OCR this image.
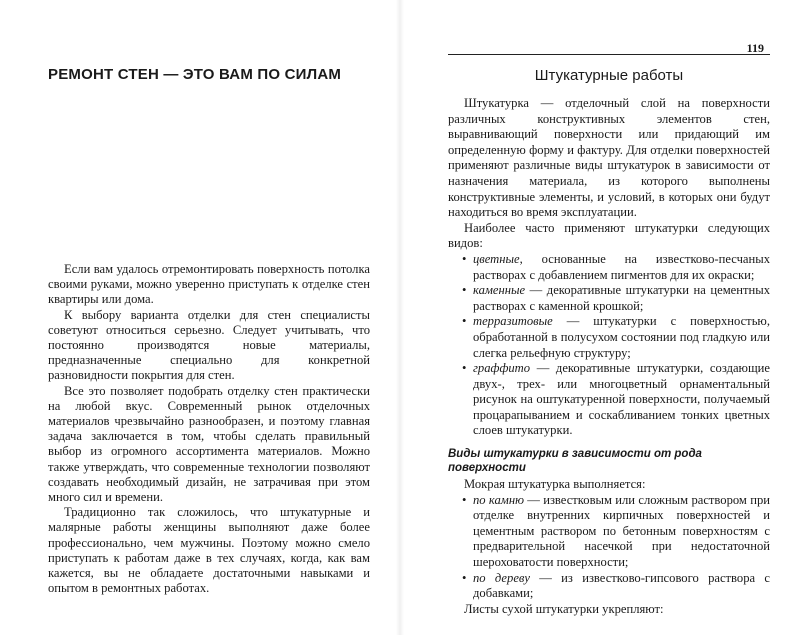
РЕМОНТ СТЕН — ЭТО ВАМ ПО СИЛАМ

Если вам удалось отремонтировать поверхность потолка своими руками, можно уверенно приступать к отделке стен квартиры или дома.

К выбору варианта отделки для стен специалисты советуют относиться серьезно. Следует учитывать, что постоянно производятся новые материалы, предназначенные специально для конкретной разновидности покрытия для стен.

Все это позволяет подобрать отделку стен практически на любой вкус. Современный рынок отделочных материалов чрезвычайно разнообразен, и поэтому главная задача заключается в том, чтобы сделать правильный выбор из огромного ассортимента материалов. Можно также утверждать, что современные технологии позволяют создавать необходимый дизайн, не затрачивая при этом много сил и времени.

Традиционно так сложилось, что штукатурные и малярные работы женщины выполняют даже более профессионально, чем мужчины. Поэтому можно смело приступать к работам даже в тех случаях, когда, как вам кажется, вы не обладаете достаточными навыками и опытом в ремонтных работах.

119
Штукатурные работы

Штукатурка — отделочный слой на поверхности различных конструктивных элементов стен, выравнивающий поверхности или придающий им определенную форму и фактуру. Для отделки поверхностей применяют различные виды штукатурок в зависимости от назначения материала, из которого выполнены конструктивные элементы, и условий, в которых они будут находиться во время эксплуатации.

Наиболее часто применяют штукатурки следующих видов:

• цветные, основанные на известково-песчаных растворах с добавлением пигментов для их окраски;
• каменные — декоративные штукатурки на цементных растворах с каменной крошкой;
• терразитовые — штукатурки с поверхностью, обработанной в полусухом состоянии под гладкую или слегка рельефную структуру;
• граффито — декоративные штукатурки, создающие двух-, трех- или многоцветный орнаментальный рисунок на оштукатуренной поверхности, получаемый процарапыванием и соскабливанием тонких цветных слоев штукатурки.
Виды штукатурки в зависимости от рода поверхности

Мокрая штукатурка выполняется:

• по камню — известковым или сложным раствором при отделке внутренних кирпичных поверхностей и цементным раствором по бетонным поверхностям с предварительной насечкой при недостаточной шероховатости поверхности;
• по дереву — из известково-гипсового раствора с добавками;

Листы сухой штукатурки укрепляют:
